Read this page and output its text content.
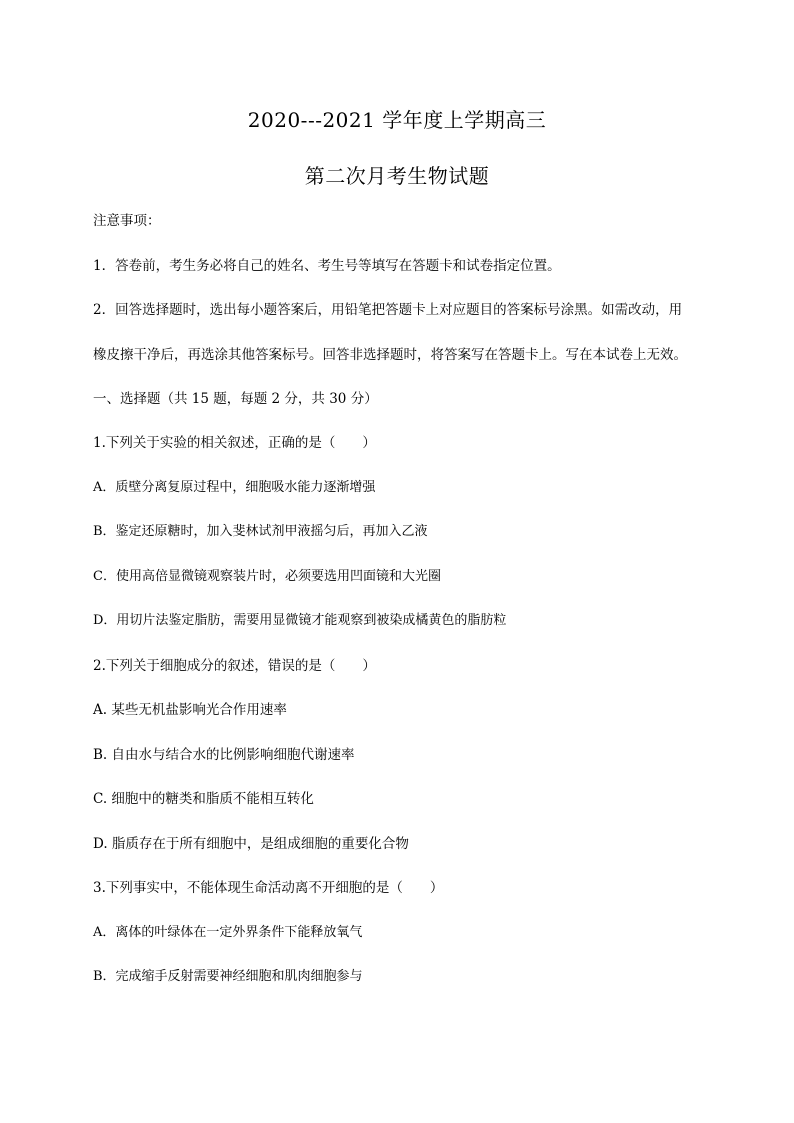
2020---2021 学年度上学期高三
第二次月考生物试题
注意事项：
1．答卷前，考生务必将自己的姓名、考生号等填写在答题卡和试卷指定位置。
2．回答选择题时，选出每小题答案后，用铅笔把答题卡上对应题目的答案标号涂黑。如需改动，用
橡皮擦干净后，再选涂其他答案标号。回答非选择题时，将答案写在答题卡上。写在本试卷上无效。
一、选择题（共 15 题，每题 2 分，共 30 分）
1.下列关于实验的相关叙述，正确的是（　　）
A．质壁分离复原过程中，细胞吸水能力逐渐增强
B．鉴定还原糖时，加入斐林试剂甲液摇匀后，再加入乙液
C．使用高倍显微镜观察装片时，必须要选用凹面镜和大光圈
D．用切片法鉴定脂肪，需要用显微镜才能观察到被染成橘黄色的脂肪粒
2.下列关于细胞成分的叙述，错误的是（　　）
A. 某些无机盐影响光合作用速率
B. 自由水与结合水的比例影响细胞代谢速率
C. 细胞中的糖类和脂质不能相互转化
D. 脂质存在于所有细胞中，是组成细胞的重要化合物
3.下列事实中，不能体现生命活动离不开细胞的是（　　）
A．离体的叶绿体在一定外界条件下能释放氧气
B．完成缩手反射需要神经细胞和肌肉细胞参与
